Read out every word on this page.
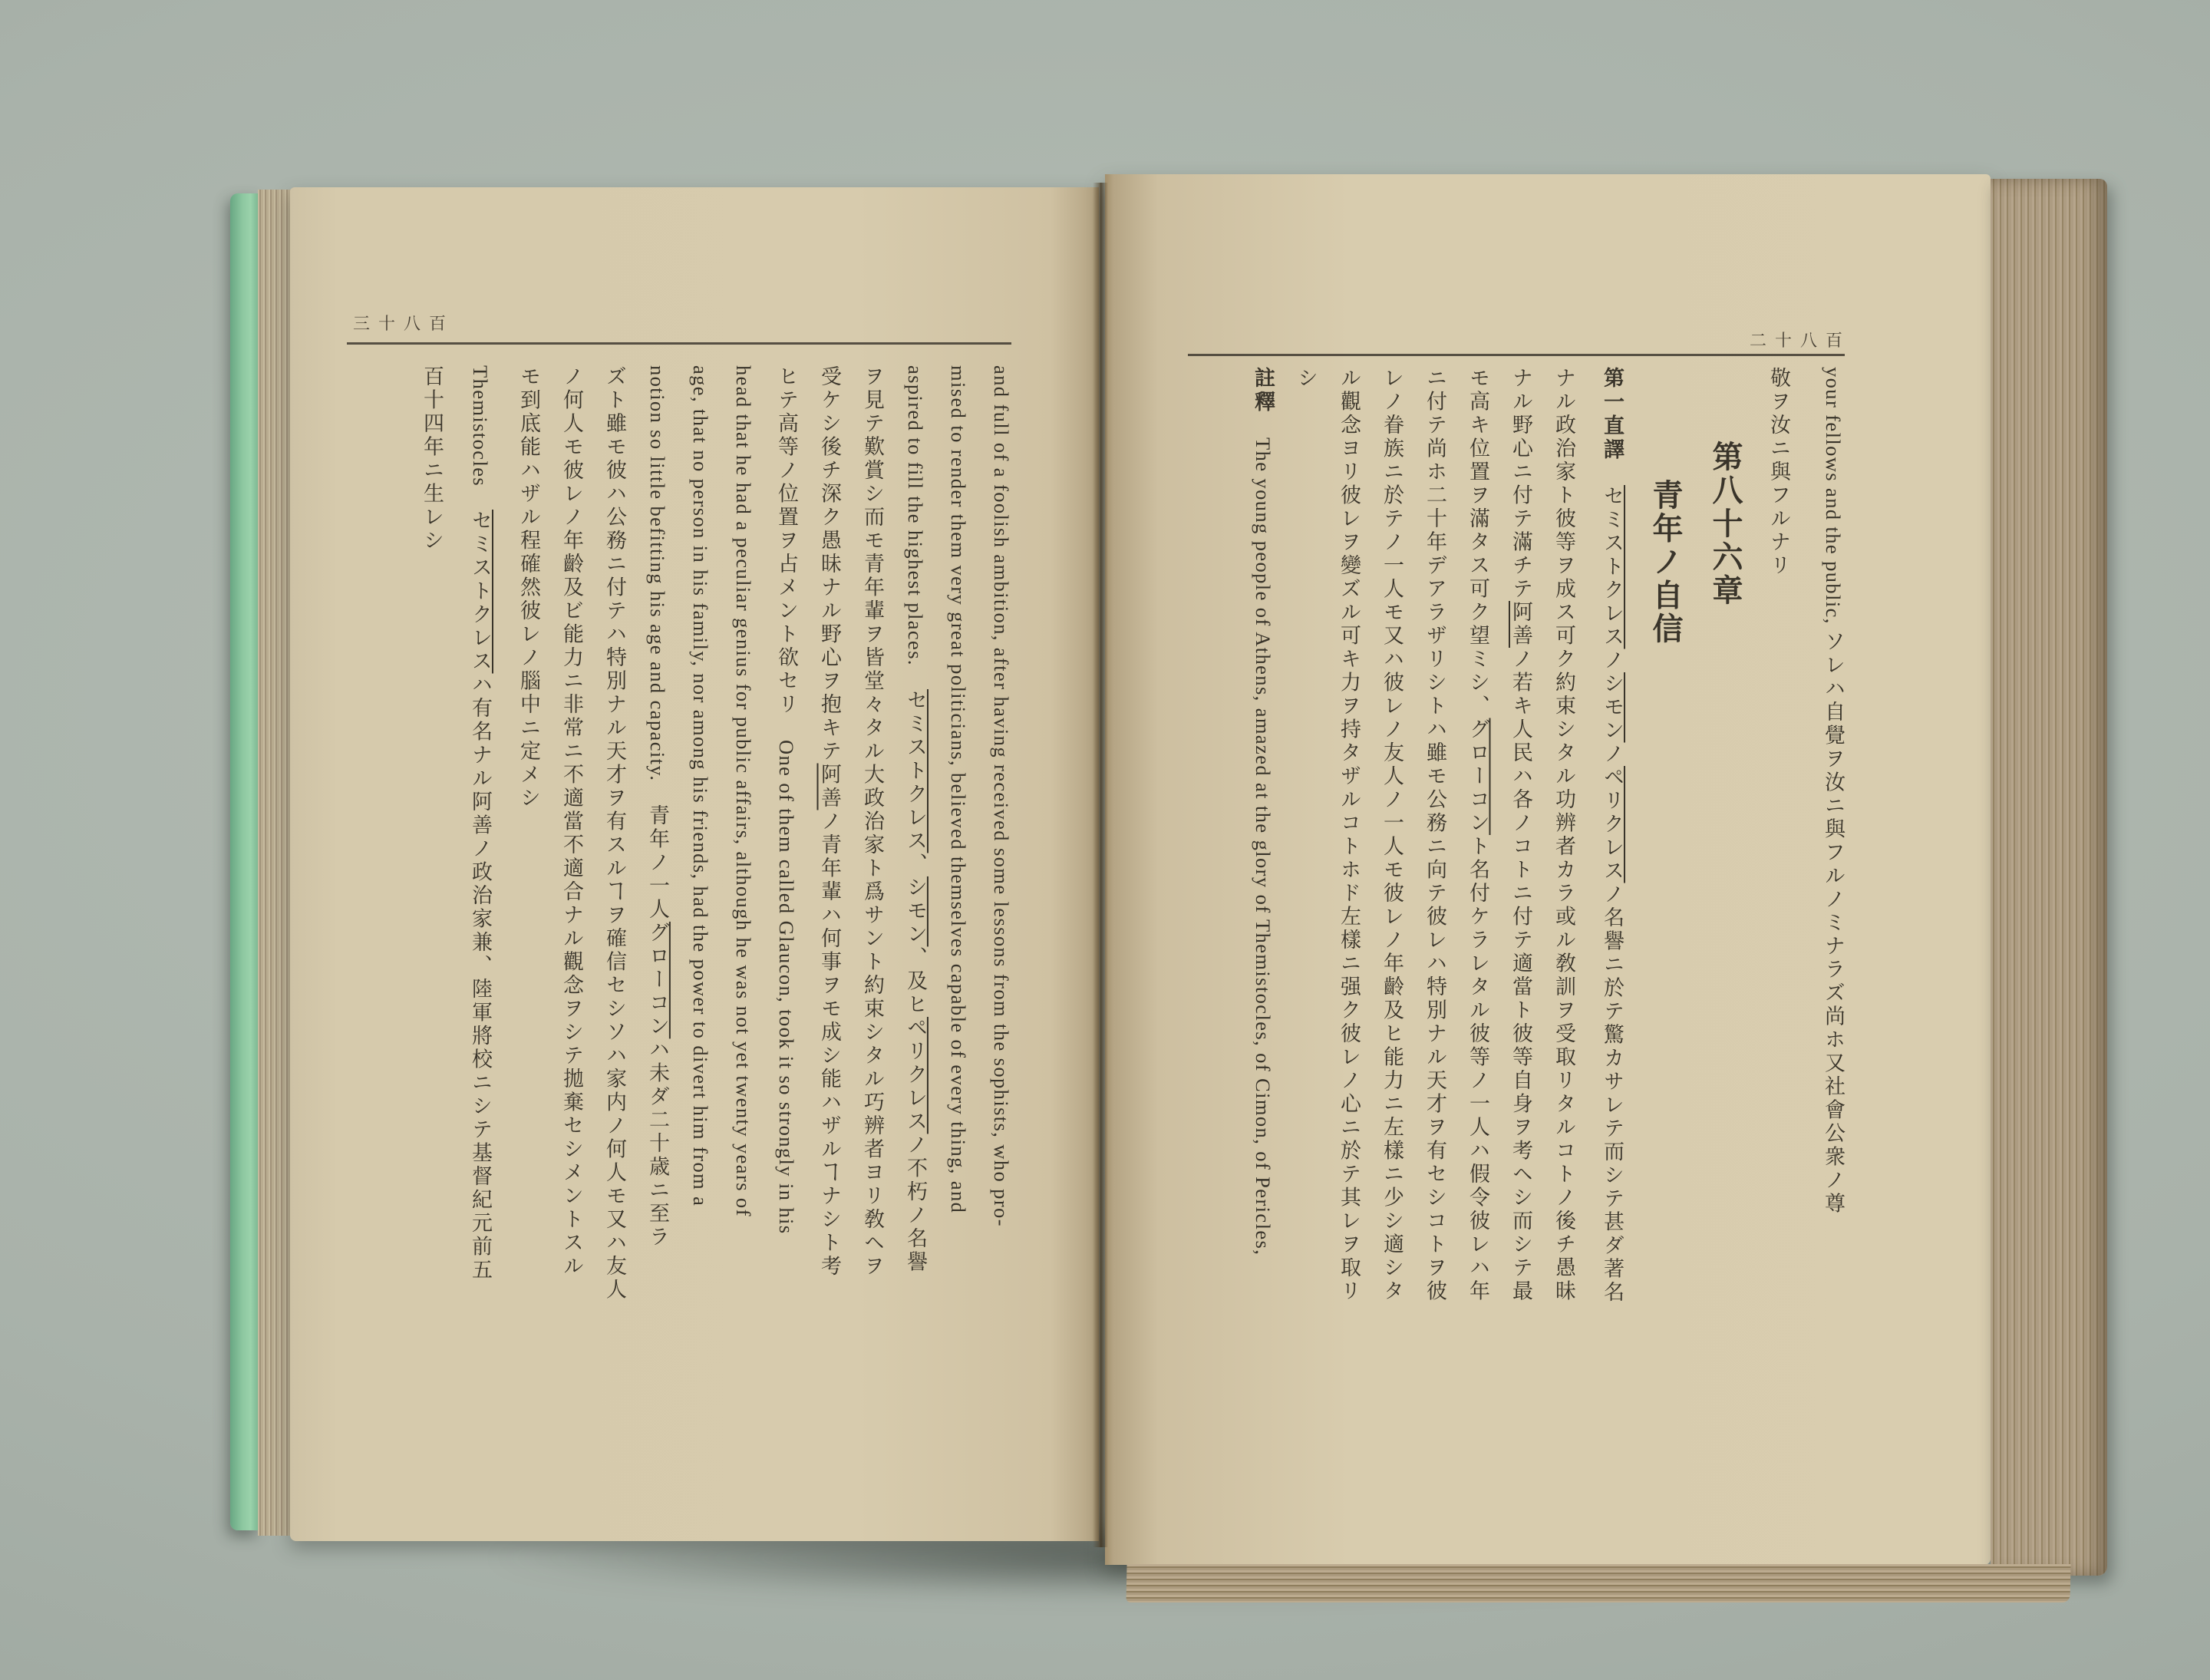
三十八百
二十八百
your fellows and the public, ソレハ自覺ヲ汝ニ與フルノミナラズ尚ホ又社會公衆ノ尊
敬ヲ汝ニ與フルナリ
第八十六章
青年ノ自信
第一直譯セミストクレスノシモンノペリクレスノ名譽ニ於テ驚カサレテ而シテ甚ダ著名
ナル政治家ト彼等ヲ成ス可ク約束シタル功辨者カラ或ル敎訓ヲ受取リタルコトノ後チ愚昧
ナル野心ニ付テ滿チテ阿善ノ若キ人民ハ各ノコトニ付テ適當ト彼等自身ヲ考ヘシ而シテ最
モ高キ位置ヲ滿タス可ク望ミシ、グローコント名付ケラレタル彼等ノ一人ハ假令彼レハ年
ニ付テ尚ホ二十年デアラザリシトハ雖モ公務ニ向テ彼レハ特別ナル天才ヲ有セシコトヲ彼
レノ眷族ニ於テノ一人モ又ハ彼レノ友人ノ一人モ彼レノ年齡及ヒ能力ニ左樣ニ少シ適シタ
ル觀念ヨリ彼レヲ變ズル可キ力ヲ持タザルコトホド左樣ニ强ク彼レノ心ニ於テ其レヲ取リ
シ
註釋The young people of Athens, amazed at the glory of Themistocles, of Cimon, of Pericles,
and full of a foolish ambition, after having received some lessons from the sophists, who pro-
mised to render them very great politicians, believed themselves capable of every thing, and
aspired to fill the highest places.セミストクレス、シモン、及ヒペリクレスノ不朽ノ名譽
ヲ見テ歎賞シ而モ青年輩ヲ皆堂々タル大政治家ト爲サント約束シタル巧辨者ヨリ敎ヘヲ
受ケシ後チ深ク愚昧ナル野心ヲ抱キテ阿善ノ青年輩ハ何事ヲモ成シ能ハザルヿナシト考
ヒテ高等ノ位置ヲ占メント欲セリOne of them called Glaucon, took it so strongly in his
head that he had a peculiar genius for public affairs, although he was not yet twenty years of
age, that no person in his family, nor among his friends, had the power to divert him from a
notion so little befitting his age and capacity.青年ノ一人グローコンハ未ダ二十歳ニ至ラ
ズト雖モ彼ハ公務ニ付テハ特別ナル天才ヲ有スルヿヲ確信セシソハ家内ノ何人モ又ハ友人
ノ何人モ彼レノ年齡及ビ能力ニ非常ニ不適當不適合ナル觀念ヲシテ拋棄セシメントスル
モ到底能ハザル程確然彼レノ腦中ニ定メシ
Themistoclesセミストクレスハ有名ナル阿善ノ政治家兼、陸軍將校ニシテ基督紀元前五
百十四年ニ生レシ
